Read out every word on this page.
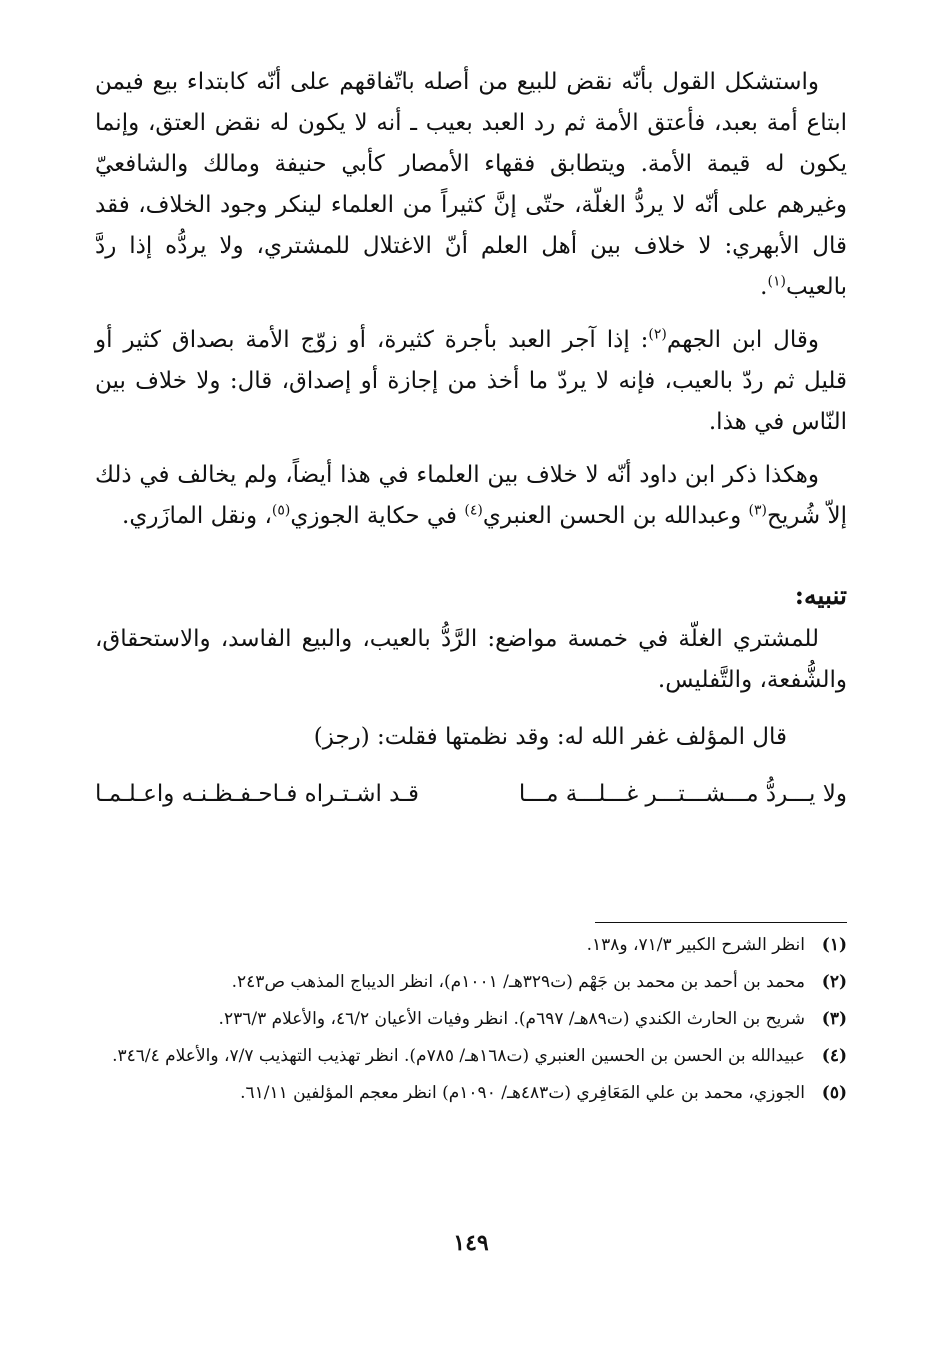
واستشكل القول بأنّه نقض للبيع من أصله باتّفاقهم على أنّه كابتداء بيع فيمن ابتاع أمة بعبد، فأعتق الأمة ثم رد العبد بعيب ـ أنه لا يكون له نقض العتق، وإنما يكون له قيمة الأمة. ويتطابق فقهاء الأمصار كأبي حنيفة ومالك والشافعيّ وغيرهم على أنّه لا يردُّ الغلّة، حتّى إنَّ كثيراً من العلماء لينكر وجود الخلاف، فقد قال الأبهري: لا خلاف بين أهل العلم أنّ الاغتلال للمشتري، ولا يردُّه إذا ردَّ بالعيب$^{(١)}$.

وقال ابن الجهم$^{(٢)}$: إذا آجر العبد بأجرة كثيرة، أو زوّج الأمة بصداق كثير أو قليل ثم ردّ بالعيب، فإنه لا يردّ ما أخذ من إجازة أو إصداق، قال: ولا خلاف بين النّاس في هذا.

وهكذا ذكر ابن داود أنّه لا خلاف بين العلماء في هذا أيضاً، ولم يخالف في ذلك إلاّ شُريح$^{(٣)}$ وعبدالله بن الحسن العنبري$^{(٤)}$ في حكاية الجوزي$^{(٥)}$، ونقل المازَري.

تنبيه:

للمشتري الغلّة في خمسة مواضع: الرَّدُّ بالعيب، والبيع الفاسد، والاستحقاق، والشُّفعة، والتَّفليس.

قال المؤلف غفر الله له: وقد نظمتها فقلت: (رجز)
ولا يـــردُّ مـــشـــتـــر غـــلـــة مـــا
قـد اشـتـراه فـاحـفـظـنـه واعـلـمـا
(١)
انظر الشرح الكبير ٧١/٣، و١٣٨.
(٢)
محمد بن أحمد بن محمد بن جَهْم (ت٣٢٩هـ/ ١٠٠١م)، انظر الديباج المذهب ص٢٤٣.
(٣)
شريح بن الحارث الكندي (ت٨٩هـ/ ٦٩٧م). انظر وفيات الأعيان ٤٦/٢، والأعلام ٢٣٦/٣.
(٤)
عبيدالله بن الحسن بن الحسين العنبري (ت١٦٨هـ/ ٧٨٥م). انظر تهذيب التهذيب ٧/٧، والأعلام ٣٤٦/٤.
(٥)
الجوزي، محمد بن علي المَعَافِري (ت٤٨٣هـ/ ١٠٩٠م) انظر معجم المؤلفين ٦١/١١.
١٤٩
